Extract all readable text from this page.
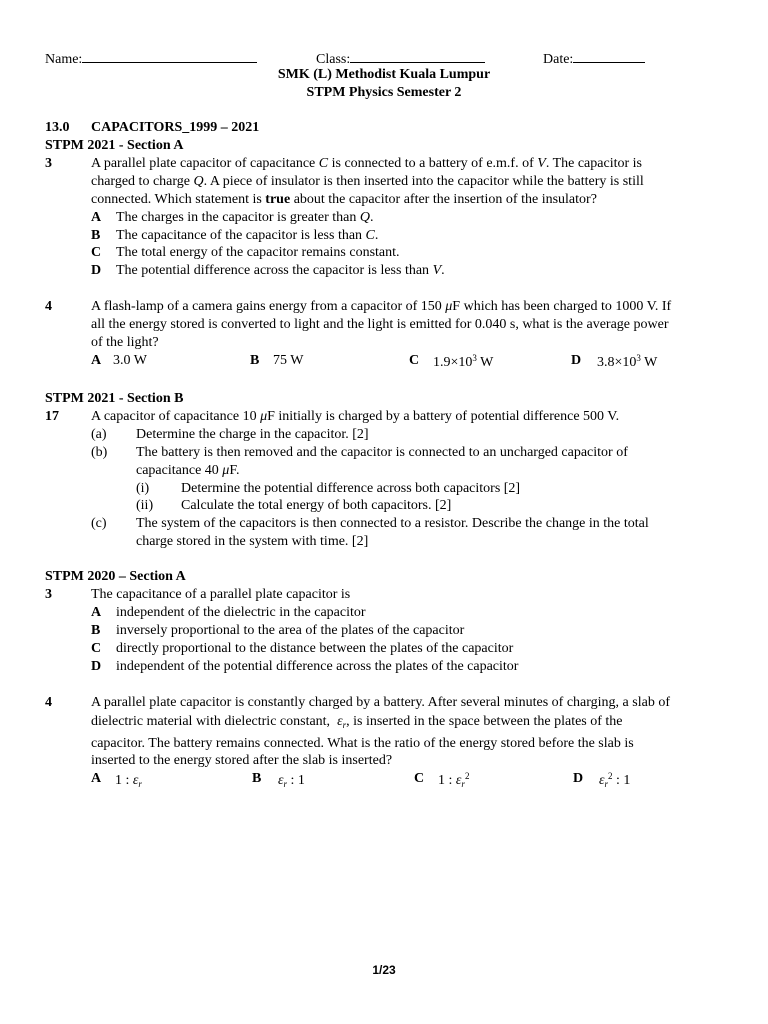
Name:	Class:	Date:
SMK (L) Methodist Kuala Lumpur
STPM Physics Semester 2
13.0 CAPACITORS_1999 – 2021
STPM 2021 - Section A
3	A parallel plate capacitor of capacitance C is connected to a battery of e.m.f. of V. The capacitor is
charged to charge Q. A piece of insulator is then inserted into the capacitor while the battery is still
connected. Which statement is true about the capacitor after the insertion of the insulator?
A The charges in the capacitor is greater than Q.
B The capacitance of the capacitor is less than C.
C The total energy of the capacitor remains constant.
D The potential difference across the capacitor is less than V.
4	A flash-lamp of a camera gains energy from a capacitor of 150 μF which has been charged to 1000 V. If
all the energy stored is converted to light and the light is emitted for 0.040 s, what is the average power
of the light?
A 3.0 W	B 75 W	C $1.9\times 10^3$ W	D $3.8\times 10^3$ W
STPM 2021 - Section B
17 A capacitor of capacitance 10 μF initially is charged by a battery of potential difference 500 V.
(a) Determine the charge in the capacitor. [2]
(b) The battery is then removed and the capacitor is connected to an uncharged capacitor of
capacitance 40 μF.
(i) Determine the potential difference across both capacitors [2]
(ii) Calculate the total energy of both capacitors. [2]
(c) The system of the capacitors is then connected to a resistor. Describe the change in the total
charge stored in the system with time. [2]
STPM 2020 – Section A
3	The capacitance of a parallel plate capacitor is
A independent of the dielectric in the capacitor
B inversely proportional to the area of the plates of the capacitor
C directly proportional to the distance between the plates of the capacitor
D independent of the potential difference across the plates of the capacitor
4	A parallel plate capacitor is constantly charged by a battery. After several minutes of charging, a slab of
dielectric material with dielectric constant,  $\varepsilon_r$, is inserted in the space between the plates of the
capacitor. The battery remains connected. What is the ratio of the energy stored before the slab is
inserted to the energy stored after the slab is inserted?
A 1 : $\varepsilon_r$	B $\varepsilon_r$ : 1	C 1 : $\varepsilon_r^2$	D $\varepsilon_r^2$ : 1
1/23
